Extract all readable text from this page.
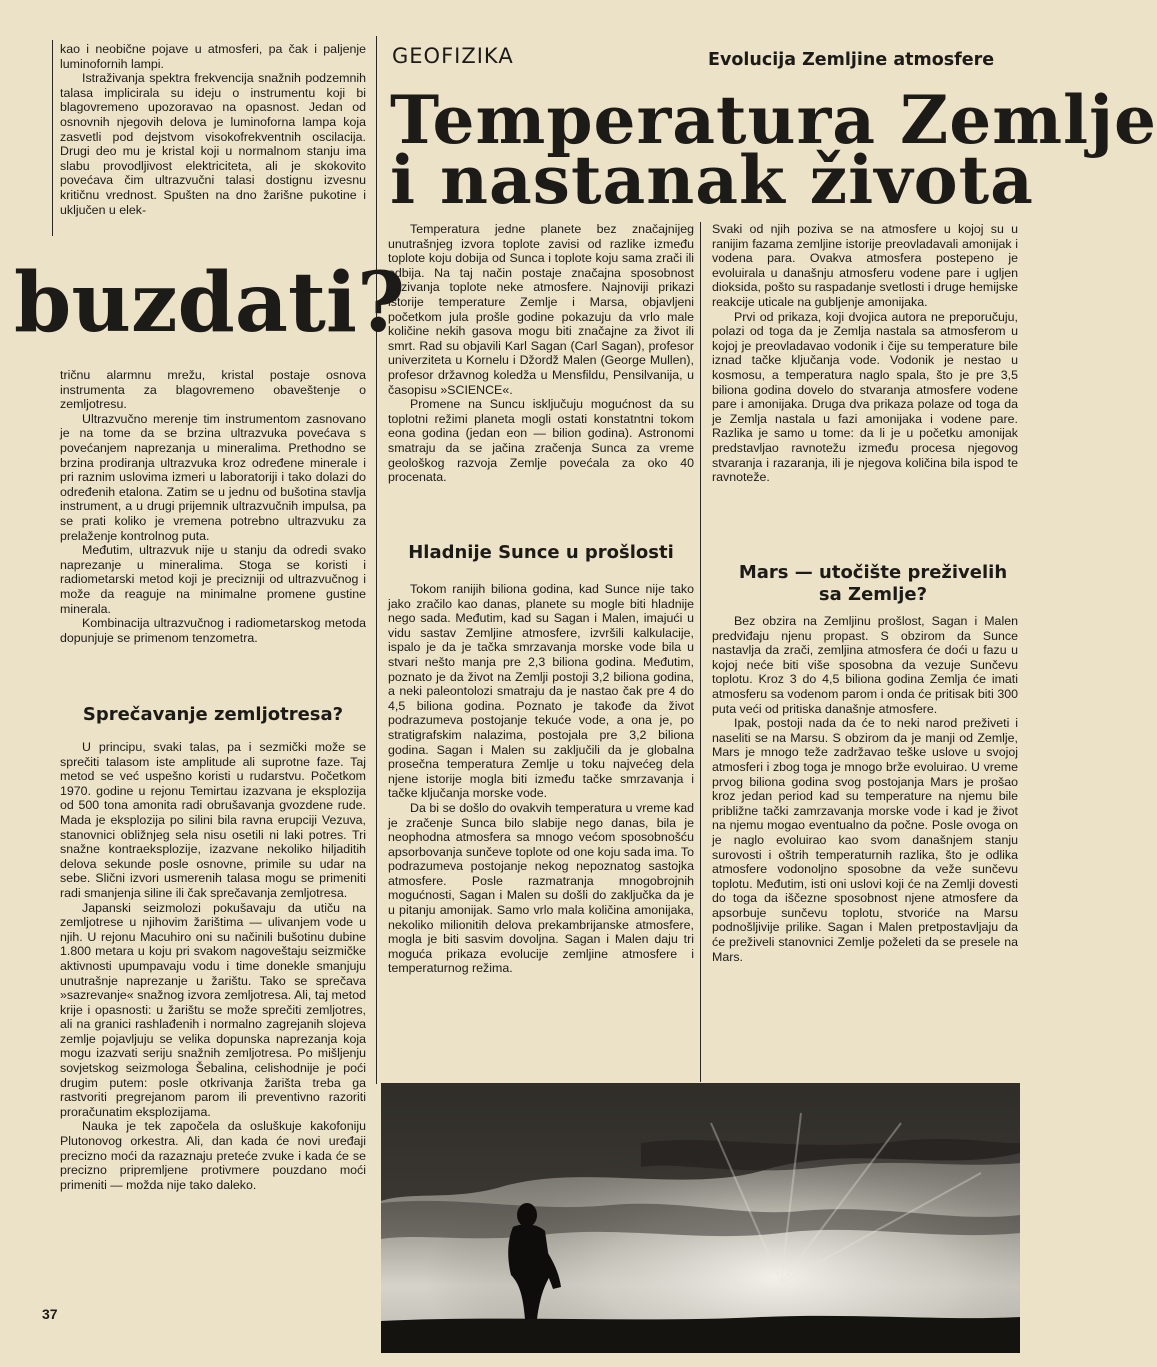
GEOFIZIKA	Evolucija Zemljine atmosfere
Temperatura Zemlje
i nastanak života

kao i neobične pojave u atmosferi, pa čak i paljenje luminofornih lampi.

Istraživanja spektra frekvencija snažnih podzemnih talasa implicirala su ideju o instrumentu koji bi blagovremeno upozoravao na opasnost. Jedan od osnovnih njegovih delova je luminoforna lampa koja zasvetli pod dejstvom visokofrekventnih oscilacija. Drugi deo mu je kristal koji u normalnom stanju ima slabu provodljivost elektriciteta, ali je skokovito povećava čim ultrazvučni talasi dostignu izvesnu kritičnu vrednost. Spušten na dno žarišne pukotine i uključen u elek-

buzdati?

tričnu alarmnu mrežu, kristal postaje osnova instrumenta za blagovremeno obaveštenje o zemljotresu.

Ultrazvučno merenje tim instrumentom zasnovano je na tome da se brzina ultrazvuka povećava s povećanjem naprezanja u mineralima. Prethodno se brzina prodiranja ultrazvuka kroz određene minerale i pri raznim uslovima izmeri u laboratoriji i tako dolazi do određenih etalona. Zatim se u jednu od bušotina stavlja instrument, a u drugi prijemnik ultrazvučnih impulsa, pa se prati koliko je vremena potrebno ultrazvuku za prelaženje kontrolnog puta.

Međutim, ultrazvuk nije u stanju da odredi svako naprezanje u mineralima. Stoga se koristi i radiometarski metod koji je precizniji od ultrazvučnog i može da reaguje na minimalne promene gustine minerala.

Kombinacija ultrazvučnog i radiometarskog metoda dopunjuje se primenom tenzometra.

Sprečavanje zemljotresa?

U principu, svaki talas, pa i sezmički može se sprečiti talasom iste amplitude ali suprotne faze. Taj metod se već uspešno koristi u rudarstvu. Početkom 1970. godine u rejonu Temirtau izazvana je eksplozija od 500 tona amonita radi obrušavanja gvozdene rude. Mada je eksplozija po silini bila ravna erupciji Vezuva, stanovnici obližnjeg sela nisu osetili ni laki potres. Tri snažne kontraeksplozije, izazvane nekoliko hiljaditih delova sekunde posle osnovne, primile su udar na sebe. Slični izvori usmerenih talasa mogu se primeniti radi smanjenja siline ili čak sprečavanja zemljotresa.

Japanski seizmolozi pokušavaju da utiču na zemljotrese u njihovim žarištima — ulivanjem vode u njih. U rejonu Macuhiro oni su načinili bušotinu dubine 1.800 metara u koju pri svakom nagoveštaju seizmičke aktivnosti upumpavaju vodu i time donekle smanjuju unutrašnje naprezanje u žarištu. Tako se sprečava »sazrevanje« snažnog izvora zemljotresa. Ali, taj metod krije i opasnosti: u žarištu se može sprečiti zemljotres, ali na granici rashlađenih i normalno zagrejanih slojeva zemlje pojavljuju se velika dopunska naprezanja koja mogu izazvati seriju snažnih zemljotresa. Po mišljenju sovjetskog seizmologa Šebalina, celishodnije je poći drugim putem: posle otkrivanja žarišta treba ga rastvoriti pregrejanom parom ili preventivno razoriti proračunatim eksplozijama.

Nauka je tek započela da osluškuje kakofoniju Plutonovog orkestra. Ali, dan kada će novi uređaji precizno moći da razaznaju preteće zvuke i kada će se precizno pripremljene protivmere pouzdano moći primeniti — možda nije tako daleko.

Temperatura jedne planete bez značajnijeg unutrašnjeg izvora toplote zavisi od razlike između toplote koju dobija od Sunca i toplote koju sama zrači ili odbija. Na taj način postaje značajna sposobnost vezivanja toplote neke atmosfere. Najnoviji prikazi istorije temperature Zemlje i Marsa, objavljeni početkom jula prošle godine pokazuju da vrlo male količine nekih gasova mogu biti značajne za život ili smrt. Rad su objavili Karl Sagan (Carl Sagan), profesor univerziteta u Kornelu i Džordž Malen (George Mullen), profesor državnog koledža u Mensfildu, Pensilvanija, u časopisu »SCIENCE«.

Promene na Suncu isključuju mogućnost da su toplotni režimi planeta mogli ostati konstatntni tokom eona godina (jedan eon — bilion godina). Astronomi smatraju da se jačina zračenja Sunca za vreme geološkog razvoja Zemlje povećala za oko 40 procenata.

Hladnije Sunce u prošlosti

Tokom ranijih biliona godina, kad Sunce nije tako jako zračilo kao danas, planete su mogle biti hladnije nego sada. Međutim, kad su Sagan i Malen, imajući u vidu sastav Zemljine atmosfere, izvršili kalkulacije, ispalo je da je tačka smrzavanja morske vode bila u stvari nešto manja pre 2,3 biliona godina. Međutim, poznato je da život na Zemlji postoji 3,2 biliona godina, a neki paleontolozi smatraju da je nastao čak pre 4 do 4,5 biliona godina. Poznato je takođe da život podrazumeva postojanje tekuće vode, a ona je, po stratigrafskim nalazima, postojala pre 3,2 biliona godina. Sagan i Malen su zaključili da je globalna prosečna temperatura Zemlje u toku najvećeg dela njene istorije mogla biti između tačke smrzavanja i tačke ključanja morske vode.

Da bi se došlo do ovakvih temperatura u vreme kad je zračenje Sunca bilo slabije nego danas, bila je neophodna atmosfera sa mnogo većom sposobnošću apsorbovanja sunčeve toplote od one koju sada ima. To podrazumeva postojanje nekog nepoznatog sastojka atmosfere. Posle razmatranja mnogobrojnih mogućnosti, Sagan i Malen su došli do zaključka da je u pitanju amonijak. Samo vrlo mala količina amonijaka, nekoliko milionitih delova prekambrijanske atmosfere, mogla je biti sasvim dovoljna. Sagan i Malen daju tri moguća prikaza evolucije zemljine atmosfere i temperaturnog režima.

Svaki od njih poziva se na atmosfere u kojoj su u ranijim fazama zemljine istorije preovladavali amonijak i vodena para. Ovakva atmosfera postepeno je evoluirala u današnju atmosferu vodene pare i ugljen dioksida, pošto su raspadanje svetlosti i druge hemijske reakcije uticale na gubljenje amonijaka.

Prvi od prikaza, koji dvojica autora ne preporučuju, polazi od toga da je Zemlja nastala sa atmosferom u kojoj je preovladavao vodonik i čije su temperature bile iznad tačke ključanja vode. Vodonik je nestao u kosmosu, a temperatura naglo spala, što je pre 3,5 biliona godina dovelo do stvaranja atmosfere vodene pare i amonijaka. Druga dva prikaza polaze od toga da je Zemlja nastala u fazi amonijaka i vodene pare. Razlika je samo u tome: da li je u početku amonijak predstavljao ravnotežu između procesa njegovog stvaranja i razaranja, ili je njegova količina bila ispod te ravnoteže.

Mars — utočište preživelih sa Zemlje?

Bez obzira na Zemljinu prošlost, Sagan i Malen predviđaju njenu propast. S obzirom da Sunce nastavlja da zrači, zemljina atmosfera će doći u fazu u kojoj neće biti više sposobna da vezuje Sunčevu toplotu. Kroz 3 do 4,5 biliona godina Zemlja će imati atmosferu sa vodenom parom i onda će pritisak biti 300 puta veći od pritiska današnje atmosfere.

Ipak, postoji nada da će to neki narod preživeti i naseliti se na Marsu. S obzirom da je manji od Zemlje, Mars je mnogo teže zadržavao teške uslove u svojoj atmosferi i zbog toga je mnogo brže evoluirao. U vreme prvog biliona godina svog postojanja Mars je prošao kroz jedan period kad su temperature na njemu bile približne tački zamrzavanja morske vode i kad je život na njemu mogao eventualno da počne. Posle ovoga on je naglo evoluirao kao svom današnjem stanju surovosti i oštrih temperaturnih razlika, što je odlika atmosfere vodonoljno sposobne da veže sunčevu toplotu. Međutim, isti oni uslovi koji će na Zemlji dovesti do toga da iščezne sposobnost njene atmosfere da apsorbuje sunčevu toplotu, stvoriće na Marsu podnošljivije prilike. Sagan i Malen pretpostavljaju da će preživeli stanovnici Zemlje poželeti da se presele na Mars.

37
